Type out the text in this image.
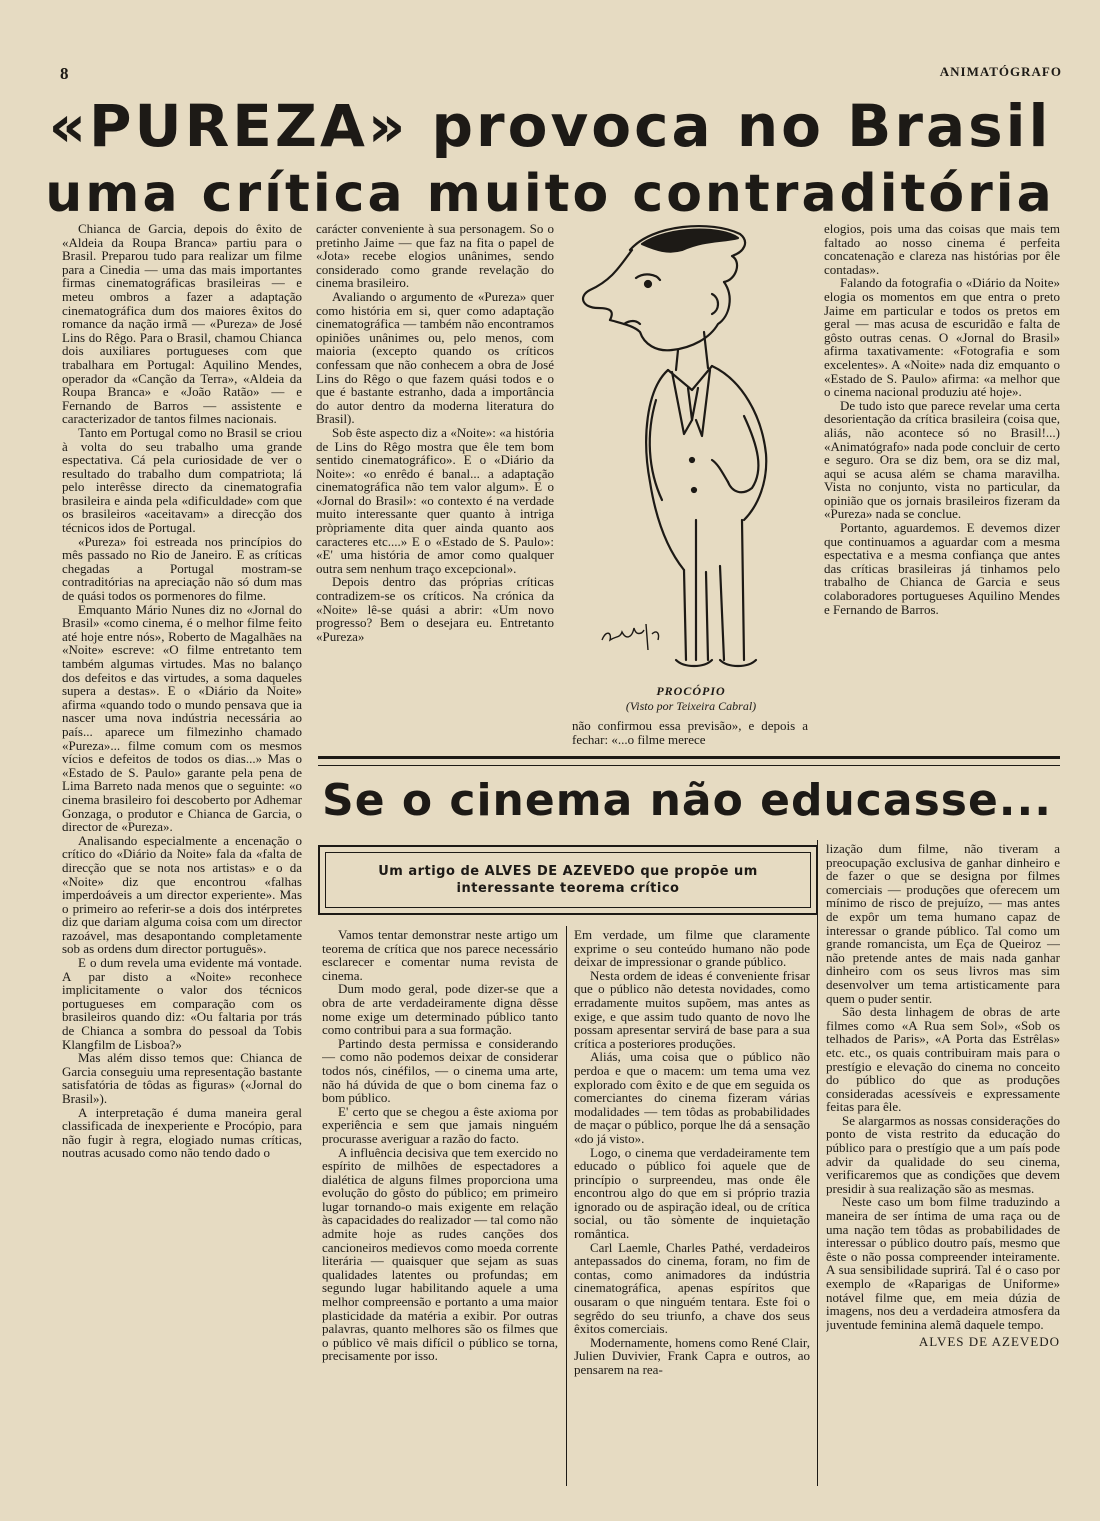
8	ANIMATÓGRAFO
«PUREZA» provoca no Brasil
uma crítica muito contraditória

Chianca de Garcia, depois do êxito de «Aldeia da Roupa Branca» partiu para o Brasil. Preparou tudo para realizar um filme para a Cinedia — uma das mais importantes firmas cinematográficas brasileiras — e meteu ombros a fazer a adaptação cinematográfica dum dos maiores êxitos do romance da nação irmã — «Pureza» de José Lins do Rêgo. Para o Brasil, chamou Chianca dois auxiliares portugueses com que trabalhara em Portugal: Aquilino Mendes, operador da «Canção da Terra», «Aldeia da Roupa Branca» e «João Ratão» — e Fernando de Barros — assistente e caracterizador de tantos filmes nacionais.

Tanto em Portugal como no Brasil se criou à volta do seu trabalho uma grande espectativa. Cá pela curiosidade de ver o resultado do trabalho dum compatriota; lá pelo interêsse directo da cinematografia brasileira e ainda pela «dificuldade» com que os brasileiros «aceitavam» a direcção dos técnicos idos de Portugal.

«Pureza» foi estreada nos princípios do mês passado no Rio de Janeiro. E as críticas chegadas a Portugal mostram-se contraditórias na apreciação não só dum mas de quási todos os pormenores do filme.

Emquanto Mário Nunes diz no «Jornal do Brasil» «como cinema, é o melhor filme feito até hoje entre nós», Roberto de Magalhães na «Noite» escreve: «O filme entretanto tem também algumas virtudes. Mas no balanço dos defeitos e das virtudes, a soma daqueles supera a destas». E o «Diário da Noite» afirma «quando todo o mundo pensava que ia nascer uma nova indústria necessária ao país... aparece um filmezinho chamado «Pureza»... filme comum com os mesmos vícios e defeitos de todos os dias...» Mas o «Estado de S. Paulo» garante pela pena de Lima Barreto nada menos que o seguinte: «o cinema brasileiro foi descoberto por Adhemar Gonzaga, o produtor e Chianca de Garcia, o director de «Pureza».

Analisando especialmente a encenação o crítico do «Diário da Noite» fala da «falta de direcção que se nota nos artistas» e o da «Noite» diz que encontrou «falhas imperdoáveis a um director experiente». Mas o primeiro ao referir-se a dois dos intérpretes diz que dariam alguma coisa com um director razoável, mas desapontando completamente sob as ordens dum director português».

E o dum revela uma evidente má vontade. A par disto a «Noite» reconhece implicitamente o valor dos técnicos portugueses em comparação com os brasileiros quando diz: «Ou faltaria por trás de Chianca a sombra do pessoal da Tobis Klangfilm de Lisboa?»

Mas além disso temos que: Chianca de Garcia conseguiu uma representação bastante satisfatória de tôdas as figuras» («Jornal do Brasil»).

A interpretação é duma maneira geral classificada de inexperiente e Procópio, para não fugir à regra, elogiado numas críticas, noutras acusado como não tendo dado o

carácter conveniente à sua personagem. So o pretinho Jaime — que faz na fita o papel de «Jota» recebe elogios unânimes, sendo considerado como grande revelação do cinema brasileiro.

Avaliando o argumento de «Pureza» quer como história em si, quer como adaptação cinematográfica — também não encontramos opiniões unânimes ou, pelo menos, com maioria (excepto quando os críticos confessam que não conhecem a obra de José Lins do Rêgo o que fazem quási todos e o que é bastante estranho, dada a importância do autor dentro da moderna literatura do Brasil).

Sob êste aspecto diz a «Noite»: «a história de Lins do Rêgo mostra que êle tem bom sentido cinematográfico». E o «Diário da Noite»: «o enrêdo é banal... a adaptação cinematográfica não tem valor algum». E o «Jornal do Brasil»: «o contexto é na verdade muito interessante quer quanto à intriga pròpriamente dita quer ainda quanto aos caracteres etc....» E o «Estado de S. Paulo»: «E' uma história de amor como qualquer outra sem nenhum traço excepcional».

Depois dentro das próprias críticas contradizem-se os críticos. Na crónica da «Noite» lê-se quási a abrir: «Um novo progresso? Bem o desejara eu. Entretanto «Pureza»

PROCÓPIO
(Visto por Teixeira Cabral)

não confirmou essa previsão», e depois a fechar: «...o filme merece

elogios, pois uma das coisas que mais tem faltado ao nosso cinema é perfeita concatenação e clareza nas histórias por êle contadas».

Falando da fotografia o «Diário da Noite» elogia os momentos em que entra o preto Jaime em particular e todos os pretos em geral — mas acusa de escuridão e falta de gôsto outras cenas. O «Jornal do Brasil» afirma taxativamente: «Fotografia e som excelentes». A «Noite» nada diz emquanto o «Estado de S. Paulo» afirma: «a melhor que o cinema nacional produziu até hoje».

De tudo isto que parece revelar uma certa desorientação da crítica brasileira (coisa que, aliás, não acontece só no Brasil!...) «Animatógrafo» nada pode concluir de certo e seguro. Ora se diz bem, ora se diz mal, aqui se acusa além se chama maravilha. Vista no conjunto, vista no particular, da opinião que os jornais brasileiros fizeram da «Pureza» nada se conclue.

Portanto, aguardemos. E devemos dizer que continuamos a aguardar com a mesma espectativa e a mesma confiança que antes das críticas brasileiras já tinhamos pelo trabalho de Chianca de Garcia e seus colaboradores portugueses Aquilino Mendes e Fernando de Barros.

Se o cinema não educasse...

Um artigo de ALVES DE AZEVEDO que propõe um interessante teorema crítico

Vamos tentar demonstrar neste artigo um teorema de crítica que nos parece necessário esclarecer e comentar numa revista de cinema.

Dum modo geral, pode dizer-se que a obra de arte verdadeiramente digna dêsse nome exige um determinado público tanto como contribui para a sua formação.

Partindo desta permissa e considerando — como não podemos deixar de considerar todos nós, cinéfilos, — o cinema uma arte, não há dúvida de que o bom cinema faz o bom público.

E' certo que se chegou a êste axioma por experiência e sem que jamais ninguém procurasse averiguar a razão do facto.

A influência decisiva que tem exercido no espírito de milhões de espectadores a dialética de alguns filmes proporciona uma evolução do gôsto do público; em primeiro lugar tornando-o mais exigente em relação às capacidades do realizador — tal como não admite hoje as rudes canções dos cancioneiros medievos como moeda corrente literária — quaisquer que sejam as suas qualidades latentes ou profundas; em segundo lugar habilitando aquele a uma melhor compreensão e portanto a uma maior plasticidade da matéria a exibir. Por outras palavras, quanto melhores são os filmes que o público vê mais difícil o público se torna, precisamente por isso.

Em verdade, um filme que claramente exprime o seu conteúdo humano não pode deixar de impressionar o grande público.

Nesta ordem de ideas é conveniente frisar que o público não detesta novidades, como erradamente muitos supõem, mas antes as exige, e que assim tudo quanto de novo lhe possam apresentar servirá de base para a sua crítica a posteriores produções.

Aliás, uma coisa que o público não perdoa e que o macem: um tema uma vez explorado com êxito e de que em seguida os comerciantes do cinema fizeram várias modalidades — tem tôdas as probabilidades de maçar o público, porque lhe dá a sensação «do já visto».

Logo, o cinema que verdadeiramente tem educado o público foi aquele que de princípio o surpreendeu, mas onde êle encontrou algo do que em si próprio trazia ignorado ou de aspiração ideal, ou de crítica social, ou tão sòmente de inquietação romântica.

Carl Laemle, Charles Pathé, verdadeiros antepassados do cinema, foram, no fim de contas, como animadores da indústria cinematográfica, apenas espíritos que ousaram o que ninguém tentara. Este foi o segrêdo do seu triunfo, a chave dos seus êxitos comerciais.

Modernamente, homens como René Clair, Julien Duvivier, Frank Capra e outros, ao pensarem na rea-

lização dum filme, não tiveram a preocupação exclusiva de ganhar dinheiro e de fazer o que se designa por filmes comerciais — produções que oferecem um mínimo de risco de prejuízo, — mas antes de expôr um tema humano capaz de interessar o grande público. Tal como um grande romancista, um Eça de Queiroz — não pretende antes de mais nada ganhar dinheiro com os seus livros mas sim desenvolver um tema artisticamente para quem o puder sentir.

São desta linhagem de obras de arte filmes como «A Rua sem Sol», «Sob os telhados de Paris», «A Porta das Estrêlas» etc. etc., os quais contribuiram mais para o prestígio e elevação do cinema no conceito do público do que as produções consideradas acessíveis e expressamente feitas para êle.

Se alargarmos as nossas considerações do ponto de vista restrito da educação do público para o prestígio que a um país pode advir da qualidade do seu cinema, verificaremos que as condições que devem presidir à sua realização são as mesmas.

Neste caso um bom filme traduzindo a maneira de ser íntima de uma raça ou de uma nação tem tôdas as probabilidades de interessar o público doutro país, mesmo que êste o não possa compreender inteiramente. A sua sensibilidade suprirá. Tal é o caso por exemplo de «Raparigas de Uniforme» notável filme que, em meia dúzia de imagens, nos deu a verdadeira atmosfera da juventude feminina alemã daquele tempo.

ALVES DE AZEVEDO
